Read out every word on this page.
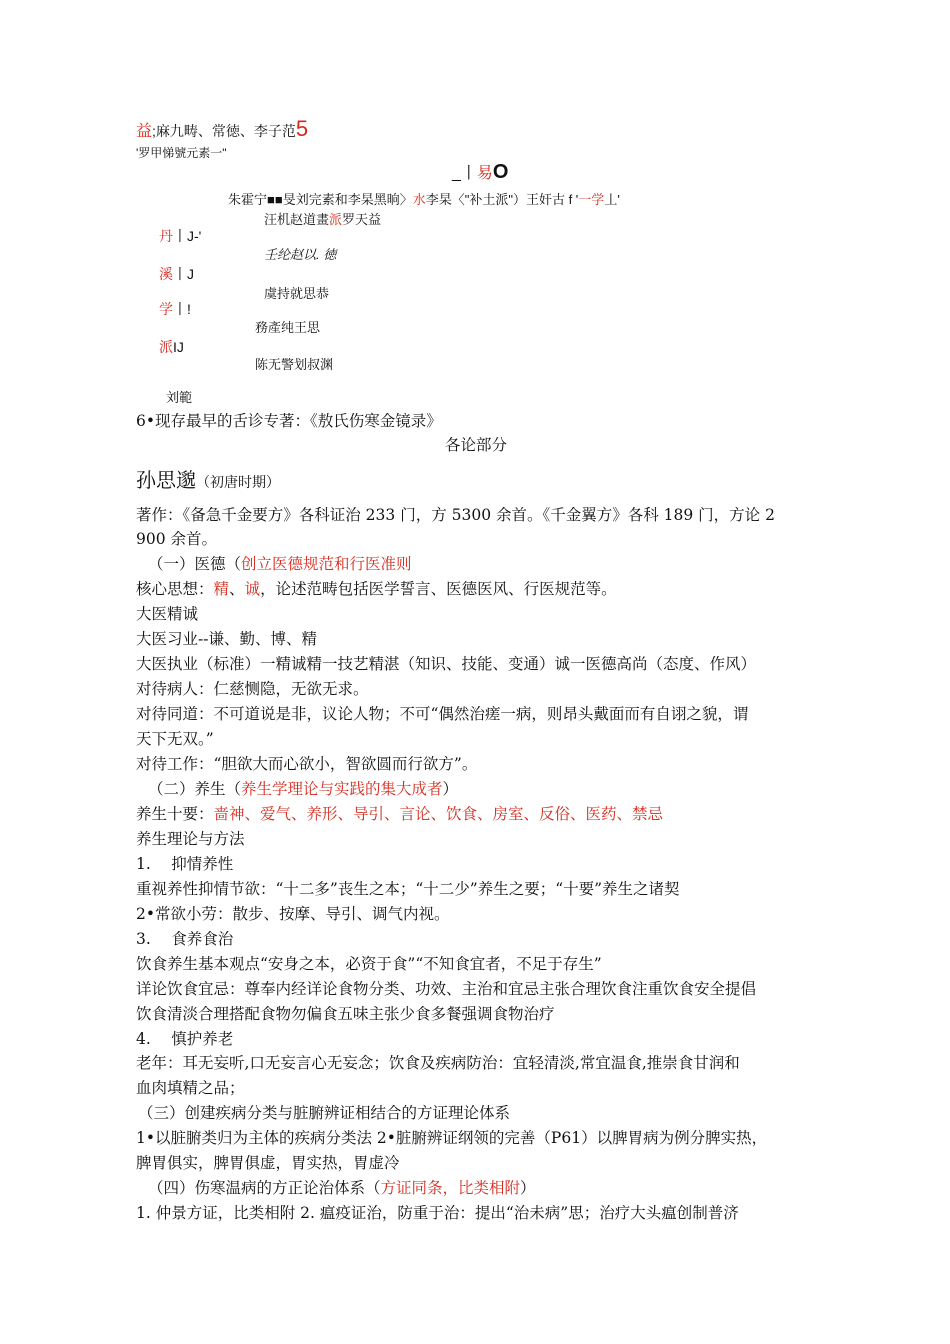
益;麻九畴、常徳、李子范5
'罗甲悌號元素一"
_丨易O
朱霍宁■■旻刘完素和李杲黑晌〉水李杲〈"补土派"）王奸古 f '一学丄'
汪机赵道畫派罗天益
丹丨J-'
壬纶赵以. 徳
溪丨J
虞持就思恭
学丨!
務產纯王思
派IJ
陈无警划叔渊
刘範
6•现存最早的舌诊专著：《敖氏伤寒金镜录》
各论部分
孙思邈（初唐时期）
著作：《备急千金要方》各科证治 233 门，方 5300 余首。《千金翼方》各科 189 门，方论 2
900 余首。
（一）医德（创立医德规范和行医准则
核心思想：精、诚，论述范畴包括医学誓言、医德医风、行医规范等。
大医精诚
大医习业--谦、勤、博、精
大医执业（标准）一精诚精一技艺精湛（知识、技能、变通）诚一医德高尚（态度、作风）
对待病人：仁慈恻隐，无欲无求。
对待同道：不可道说是非，议论人物；不可“偶然治瘥一病，则昂头戴面而有自诩之貌，谓
天下无双。”
对待工作：“胆欲大而心欲小，智欲圆而行欲方”。
（二）养生（养生学理论与实践的集大成者）
养生十要：啬神、爱气、养形、导引、言论、饮食、房室、反俗、医药、禁忌
养生理论与方法
1.　 抑情养性
重视养性抑情节欲：“十二多”丧生之本；“十二少”养生之要；“十要”养生之诸契
2•常欲小劳：散步、按摩、导引、调气内视。
3.　 食养食治
饮食养生基本观点“安身之本，必资于食”“不知食宜者，不足于存生”
详论饮食宜忌：尊奉内经详论食物分类、功效、主治和宜忌主张合理饮食注重饮食安全提倡
饮食清淡合理搭配食物勿偏食五味主张少食多餐强调食物治疗
4.　 慎护养老
老年：耳无妄听,口无妄言心无妄念；饮食及疾病防治：宜轻清淡,常宜温食,推崇食甘润和
血肉填精之品；
（三）创建疾病分类与脏腑辨证相结合的方证理论体系
1•以脏腑类归为主体的疾病分类法 2•脏腑辨证纲领的完善（P61）以脾胃病为例分脾实热，
脾胃俱实，脾胃俱虚，胃实热，胃虚冷
（四）伤寒温病的方正论治体系（方证同条，比类相附）
1. 仲景方证，比类相附 2. 瘟疫证治，防重于治：提出“治未病”思；治疗大头瘟创制普济
